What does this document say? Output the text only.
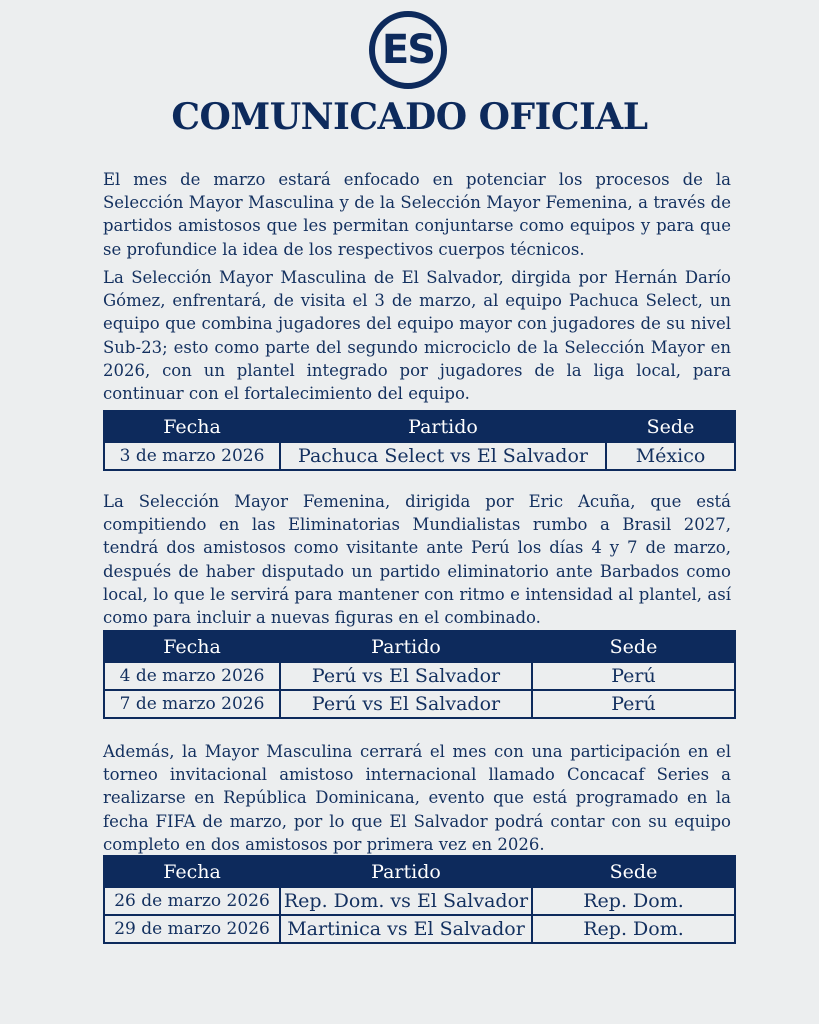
ES
COMUNICADO OFICIAL

El mes de marzo estará enfocado en potenciar los procesos de la Selección Mayor Masculina y de la Selección Mayor Femenina, a través de partidos amistosos que les permitan conjuntarse como equipos y para que se profundice la idea de los respectivos cuerpos técnicos.

La Selección Mayor Masculina de El Salvador, dirgida por Hernán Darío Gómez, enfrentará, de visita el 3 de marzo, al equipo Pachuca Select, un equipo que combina jugadores del equipo mayor con jugadores de su nivel Sub-23; esto como parte del segundo microciclo de la Selección Mayor en 2026, con un plantel integrado por jugadores de la liga local, para continuar con el fortalecimiento del equipo.

Fecha	Partido	Sede
3 de marzo 2026	Pachuca Select vs El Salvador	México

La Selección Mayor Femenina, dirigida por Eric Acuña, que está compitiendo en las Eliminatorias Mundialistas rumbo a Brasil 2027, tendrá dos amistosos como visitante ante Perú los días 4 y 7 de marzo, después de haber disputado un partido eliminatorio ante Barbados como local, lo que le servirá para mantener con ritmo e intensidad al plantel, así como para incluir a nuevas figuras en el combinado.

Fecha	Partido	Sede
4 de marzo 2026	Perú vs El Salvador	Perú
7 de marzo 2026	Perú vs El Salvador	Perú

Además, la Mayor Masculina cerrará el mes con una participación en el torneo invitacional amistoso internacional llamado Concacaf Series a realizarse en República Dominicana, evento que está programado en la fecha FIFA de marzo, por lo que El Salvador podrá contar con su equipo completo en dos amistosos por primera vez en 2026.

Fecha	Partido	Sede
26 de marzo 2026	Rep. Dom. vs El Salvador	Rep. Dom.
29 de marzo 2026	Martinica vs El Salvador	Rep. Dom.
